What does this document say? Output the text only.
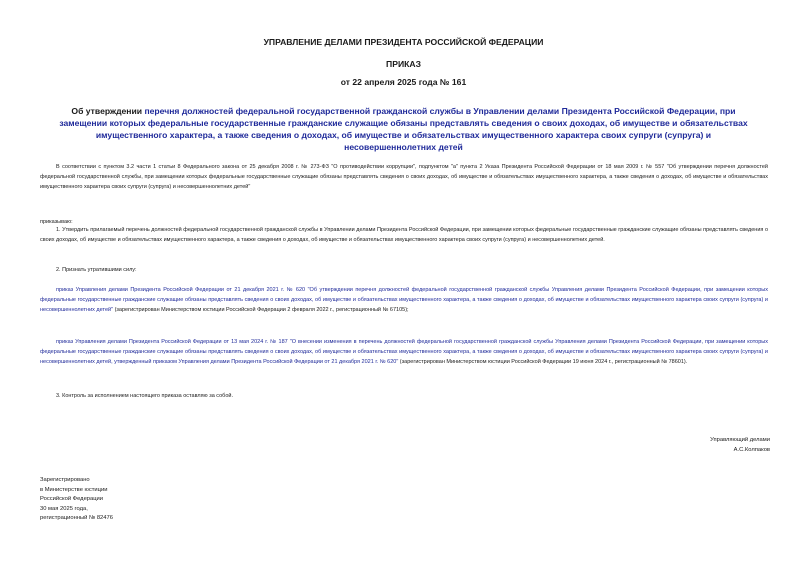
УПРАВЛЕНИЕ ДЕЛАМИ ПРЕЗИДЕНТА РОССИЙСКОЙ ФЕДЕРАЦИИ
ПРИКАЗ
от 22 апреля 2025 года № 161
Об утверждении перечня должностей федеральной государственной гражданской службы в Управлении делами Президента Российской Федерации, при замещении которых федеральные государственные гражданские служащие обязаны представлять сведения о своих доходах, об имуществе и обязательствах имущественного характера, а также сведения о доходах, об имуществе и обязательствах имущественного характера своих супруги (супруга) и несовершеннолетних детей
В соответствии с пунктом 3.2 части 1 статьи 8 Федерального закона от 25 декабря 2008 г. № 273-ФЗ "О противодействии коррупции", подпунктом "а" пункта 2 Указа Президента Российской Федерации от 18 мая 2009 г. № 557 "Об утверждении перечня должностей федеральной государственной службы, при замещении которых федеральные государственные служащие обязаны представлять сведения о своих доходах, об имуществе и обязательствах имущественного характера, а также сведения о доходах, об имуществе и обязательствах имущественного характера своих супруги (супруга) и несовершеннолетних детей"
приказываю:
1. Утвердить прилагаемый перечень должностей федеральной государственной гражданской службы в Управлении делами Президента Российской Федерации, при замещении которых федеральные государственные гражданские служащие обязаны представлять сведения о своих доходах, об имуществе и обязательствах имущественного характера, а также сведения о доходах, об имуществе и обязательствах имущественного характера своих супруги (супруга) и несовершеннолетних детей.
2. Признать утратившими силу:
приказ Управления делами Президента Российской Федерации от 21 декабря 2021 г. № 620 "Об утверждении перечня должностей федеральной государственной гражданской службы Управления делами Президента Российской Федерации, при замещении которых федеральные государственные гражданские служащие обязаны представлять сведения о своих доходах, об имуществе и обязательствах имущественного характера, а также сведения о доходах, об имуществе и обязательствах имущественного характера своих супруги (супруга) и несовершеннолетних детей" (зарегистрирован Министерством юстиции Российской Федерации 2 февраля 2022 г., регистрационный № 67105);
приказ Управления делами Президента Российской Федерации от 13 мая 2024 г. № 187 "О внесении изменения в перечень должностей федеральной государственной гражданской службы Управления делами Президента Российской Федерации, при замещении которых федеральные государственные гражданские служащие обязаны представлять сведения о своих доходах, об имуществе и обязательствах имущественного характера, а также сведения о доходах, об имуществе и обязательствах имущественного характера своих супруги (супруга) и несовершеннолетних детей, утвержденный приказом Управления делами Президента Российской Федерации от 21 декабря 2021 г. № 620" (зарегистрирован Министерством юстиции Российской Федерации 19 июня 2024 г., регистрационный № 78601).
3. Контроль за исполнением настоящего приказа оставляю за собой.
Управляющий делами
А.С.Колпаков
Зарегистрировано
в Министерстве юстиции
Российской Федерации
30 мая 2025 года,
регистрационный № 82476
